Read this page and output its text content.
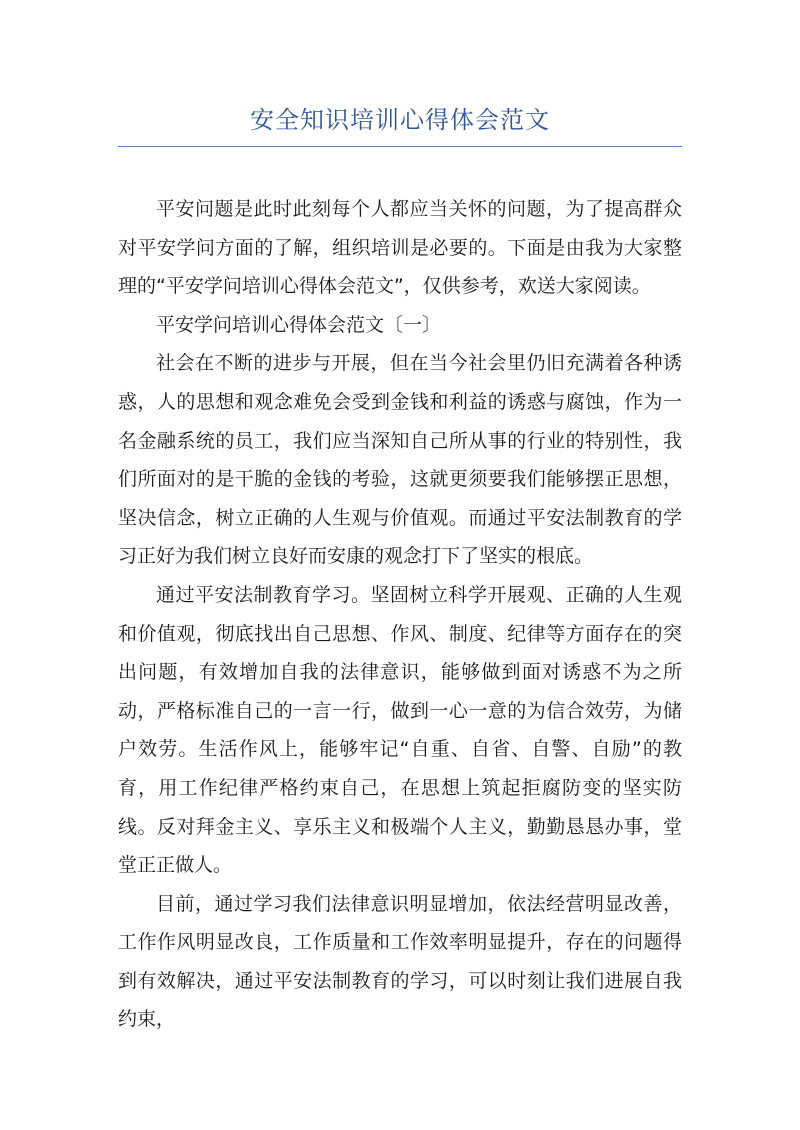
安全知识培训心得体会范文

平安问题是此时此刻每个人都应当关怀的问题，为了提高群众对平安学问方面的了解，组织培训是必要的。下面是由我为大家整理的“平安学问培训心得体会范文”，仅供参考，欢送大家阅读。

平安学问培训心得体会范文〔一〕

社会在不断的进步与开展，但在当今社会里仍旧充满着各种诱惑，人的思想和观念难免会受到金钱和利益的诱惑与腐蚀，作为一名金融系统的员工，我们应当深知自己所从事的行业的特别性，我们所面对的是干脆的金钱的考验，这就更须要我们能够摆正思想，坚决信念，树立正确的人生观与价值观。而通过平安法制教育的学习正好为我们树立良好而安康的观念打下了坚实的根底。

通过平安法制教育学习。坚固树立科学开展观、正确的人生观和价值观，彻底找出自己思想、作风、制度、纪律等方面存在的突出问题，有效增加自我的法律意识，能够做到面对诱惑不为之所动，严格标准自己的一言一行，做到一心一意的为信合效劳，为储户效劳。生活作风上，能够牢记“自重、自省、自警、自励”的教育，用工作纪律严格约束自己，在思想上筑起拒腐防变的坚实防线。反对拜金主义、享乐主义和极端个人主义，勤勤恳恳办事，堂堂正正做人。

目前，通过学习我们法律意识明显增加，依法经营明显改善，工作作风明显改良，工作质量和工作效率明显提升，存在的问题得到有效解决，通过平安法制教育的学习，可以时刻让我们进展自我约束，
